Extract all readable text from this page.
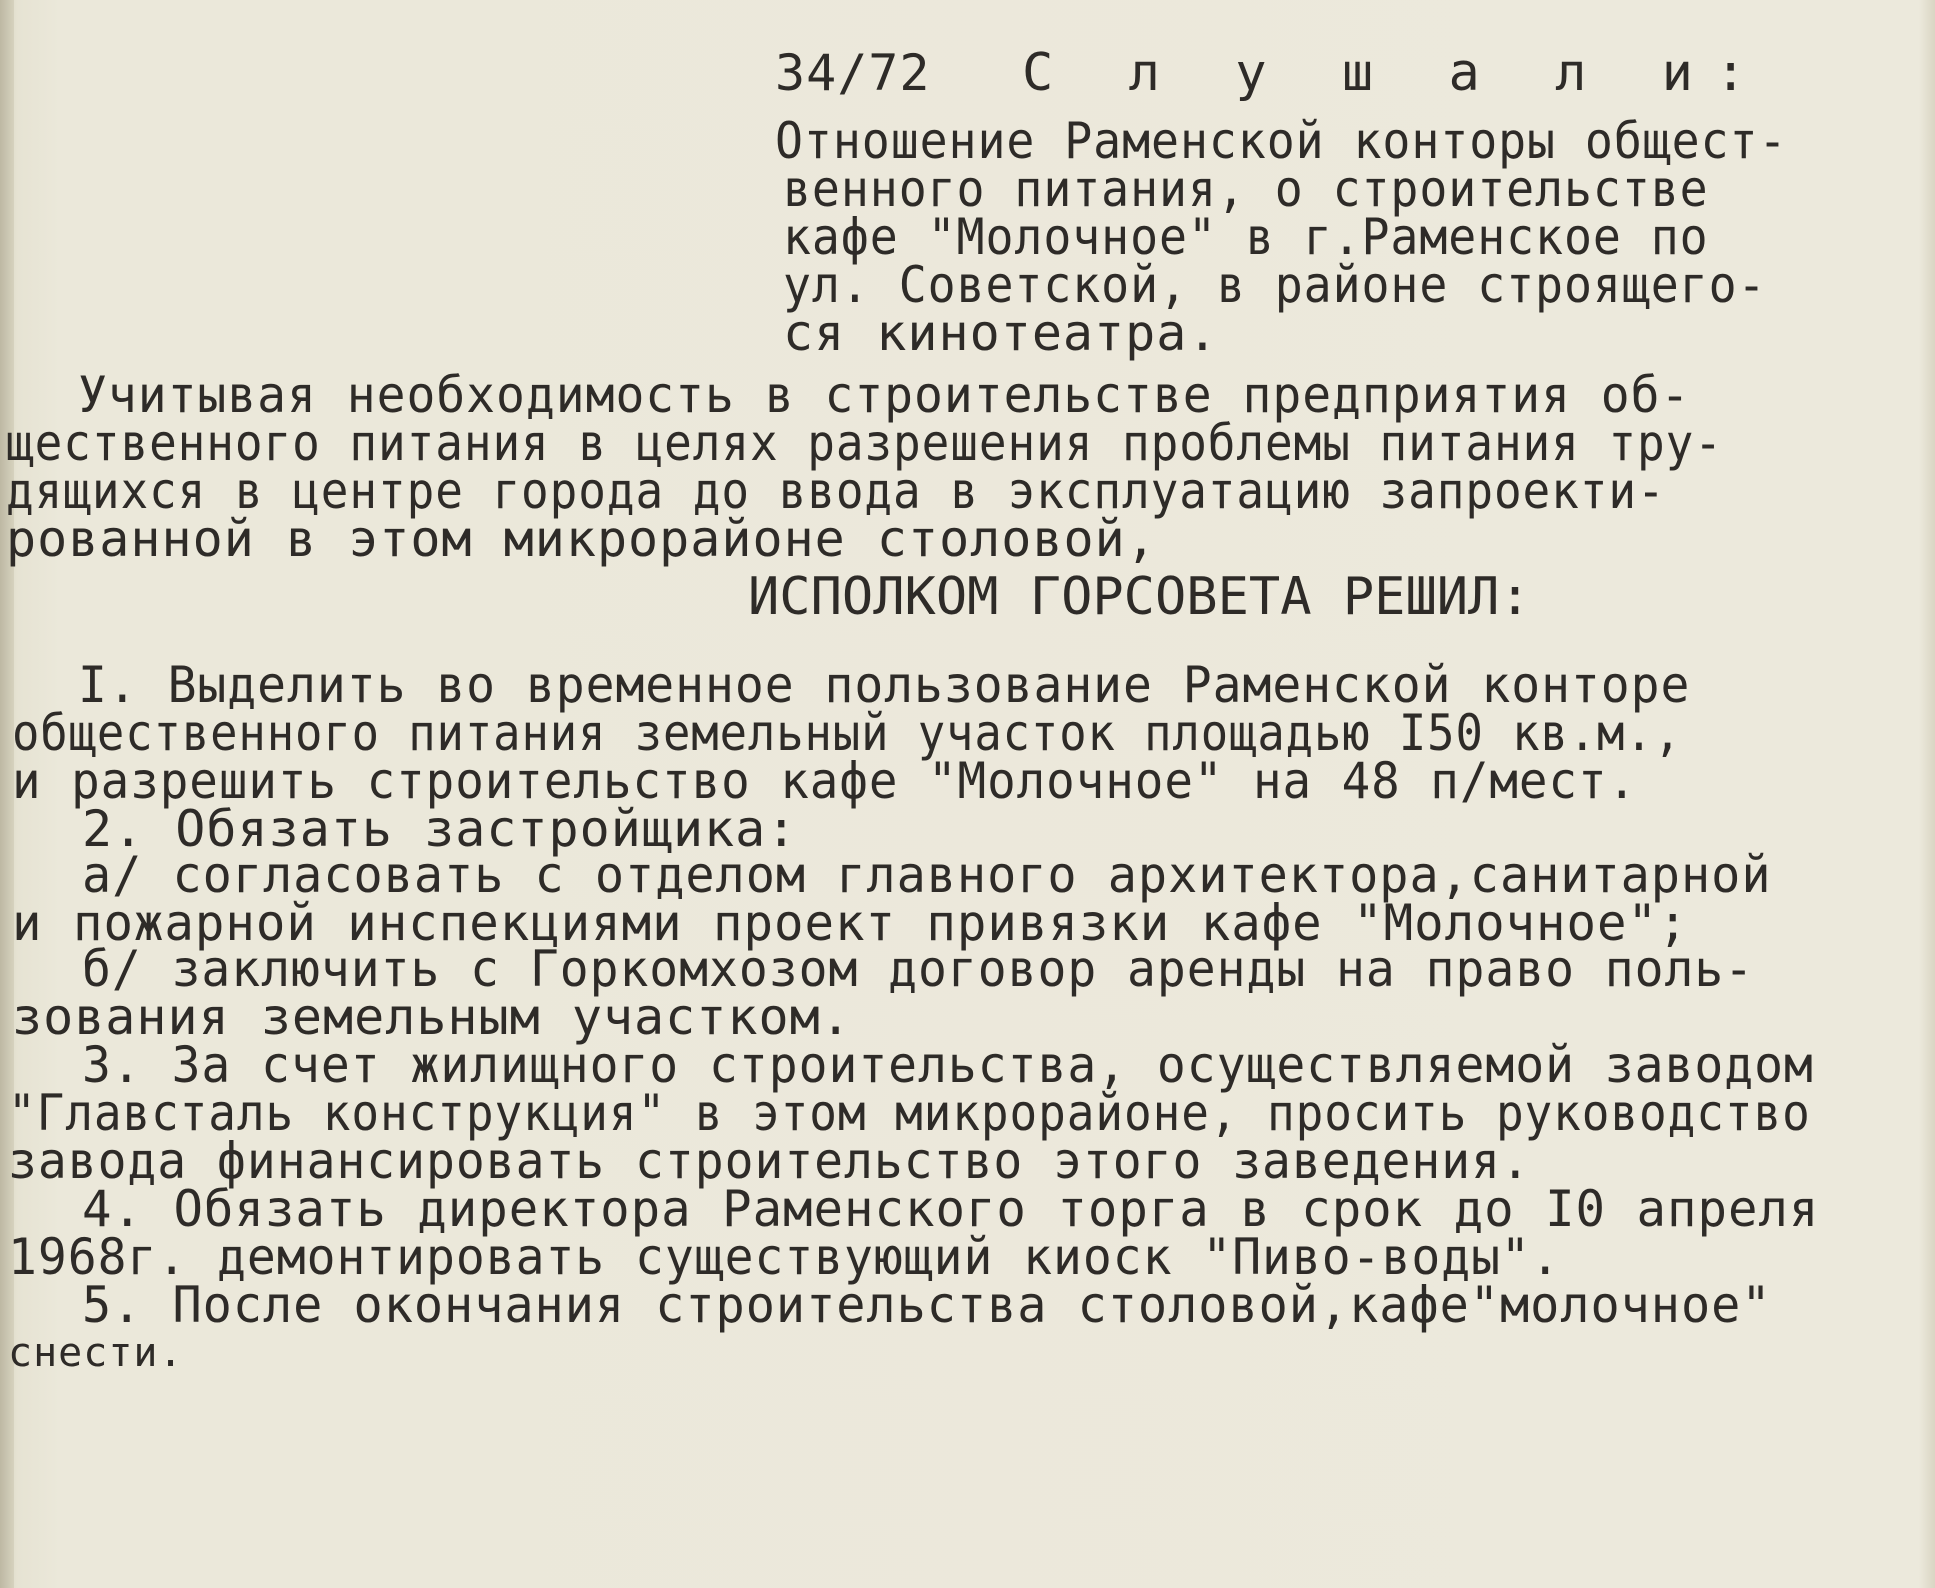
34/72 С л у ш а л и:
Отношение Раменской конторы общест-
венного питания, о строительстве
кафе "Молочное" в г.Раменское по
ул. Советской, в районе строящего-
ся кинотеатра.
Учитывая необходимость в строительстве предприятия об-
щественного питания в целях разрешения проблемы питания тру-
дящихся в центре города до ввода в эксплуатацию запроекти-
рованной в этом микрорайоне столовой,
ИСПОЛКОМ ГОРСОВЕТА РЕШИЛ:
I. Выделить во временное пользование Раменской конторе
общественного питания земельный участок площадью I50 кв.м.,
и разрешить строительство кафе "Молочное" на 48 п/мест.
2. Обязать застройщика:
а/ согласовать с отделом главного архитектора,санитарной
и пожарной инспекциями проект привязки кафе "Молочное";
б/ заключить с Горкомхозом договор аренды на право поль-
зования земельным участком.
3. За счет жилищного строительства, осуществляемой заводом
"Главсталь конструкция" в этом микрорайоне, просить руководство
завода финансировать строительство этого заведения.
4. Обязать директора Раменского торга в срок до I0 апреля
1968г. демонтировать существующий киоск "Пиво-воды".
5. После окончания строительства столовой,кафе"молочное"
снести.
